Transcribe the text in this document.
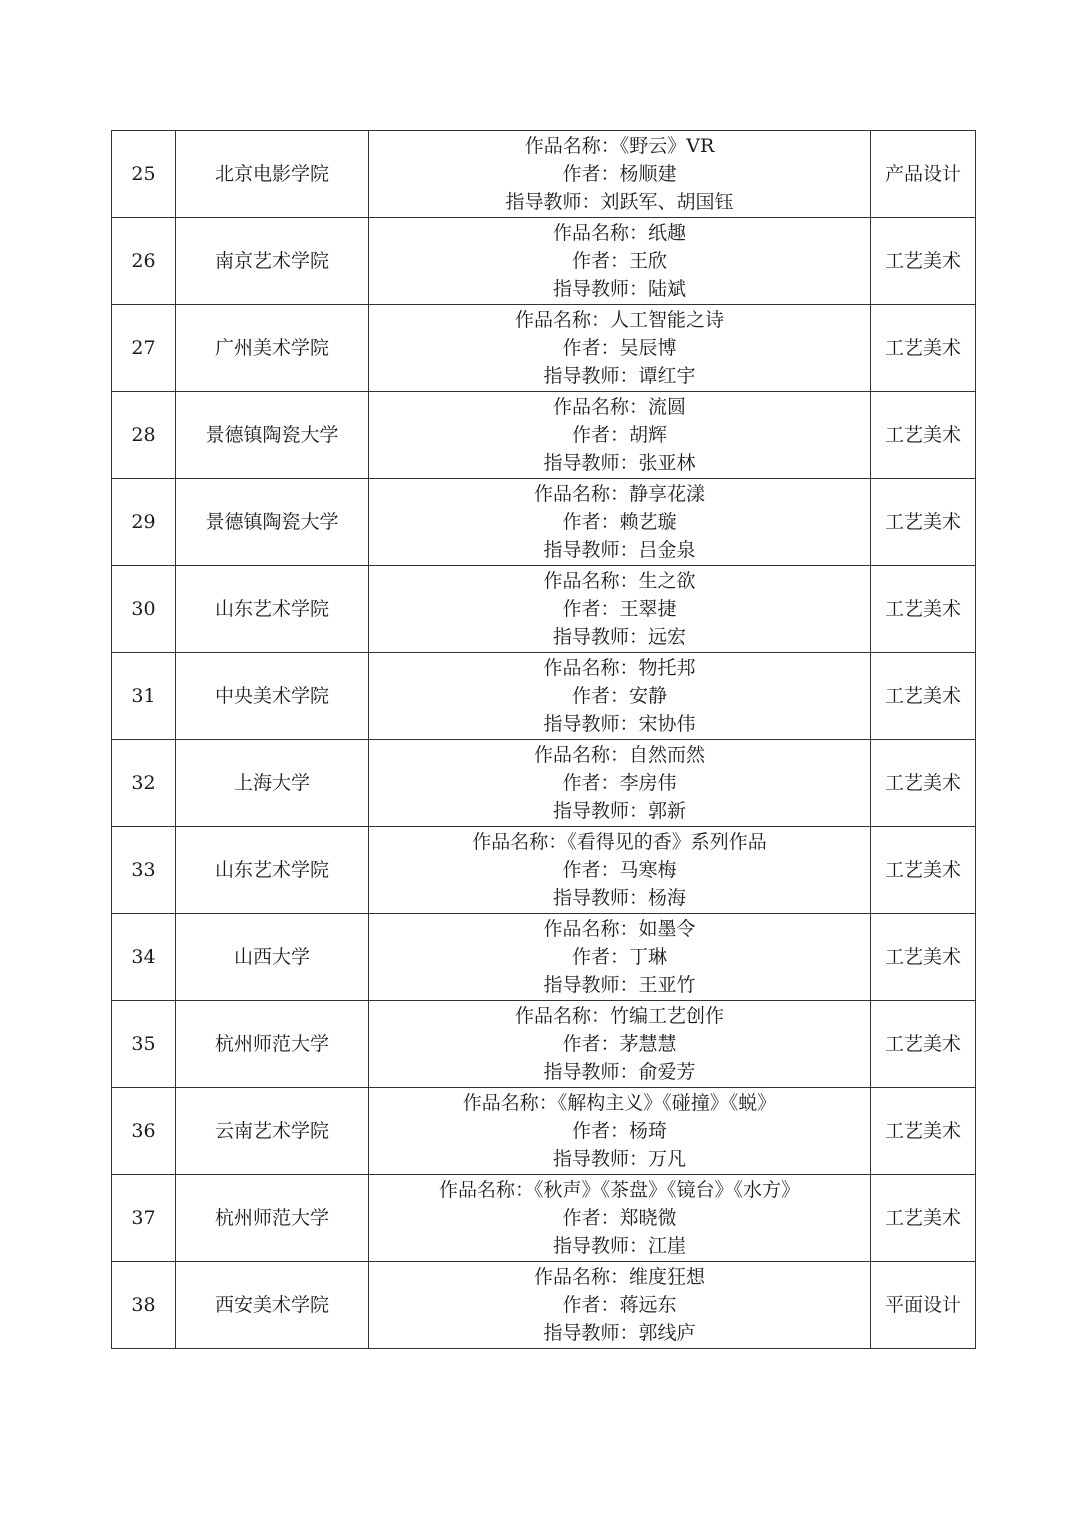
25	北京电影学院	作品名称：《野云》VR
作者：杨顺建
指导教师：刘跃军、胡国钰	产品设计
26	南京艺术学院	作品名称：纸趣
作者：王欣
指导教师：陆斌	工艺美术
27	广州美术学院	作品名称：人工智能之诗
作者：吴辰博
指导教师：谭红宇	工艺美术
28	景德镇陶瓷大学	作品名称：流圆
作者：胡辉
指导教师：张亚林	工艺美术
29	景德镇陶瓷大学	作品名称：静享花漾
作者：赖艺璇
指导教师：吕金泉	工艺美术
30	山东艺术学院	作品名称：生之欲
作者：王翠捷
指导教师：远宏	工艺美术
31	中央美术学院	作品名称：物托邦
作者：安静
指导教师：宋协伟	工艺美术
32	上海大学	作品名称：自然而然
作者：李房伟
指导教师：郭新	工艺美术
33	山东艺术学院	作品名称：《看得见的香》系列作品
作者：马寒梅
指导教师：杨海	工艺美术
34	山西大学	作品名称：如墨令
作者：丁琳
指导教师：王亚竹	工艺美术
35	杭州师范大学	作品名称：竹编工艺创作
作者：茅慧慧
指导教师：俞爱芳	工艺美术
36	云南艺术学院	作品名称：《解构主义》《碰撞》《蜕》
作者：杨琦
指导教师：万凡	工艺美术
37	杭州师范大学	作品名称：《秋声》《茶盘》《镜台》《水方》
作者：郑晓微
指导教师：江崖	工艺美术
38	西安美术学院	作品名称：维度狂想
作者：蒋远东
指导教师：郭线庐	平面设计
